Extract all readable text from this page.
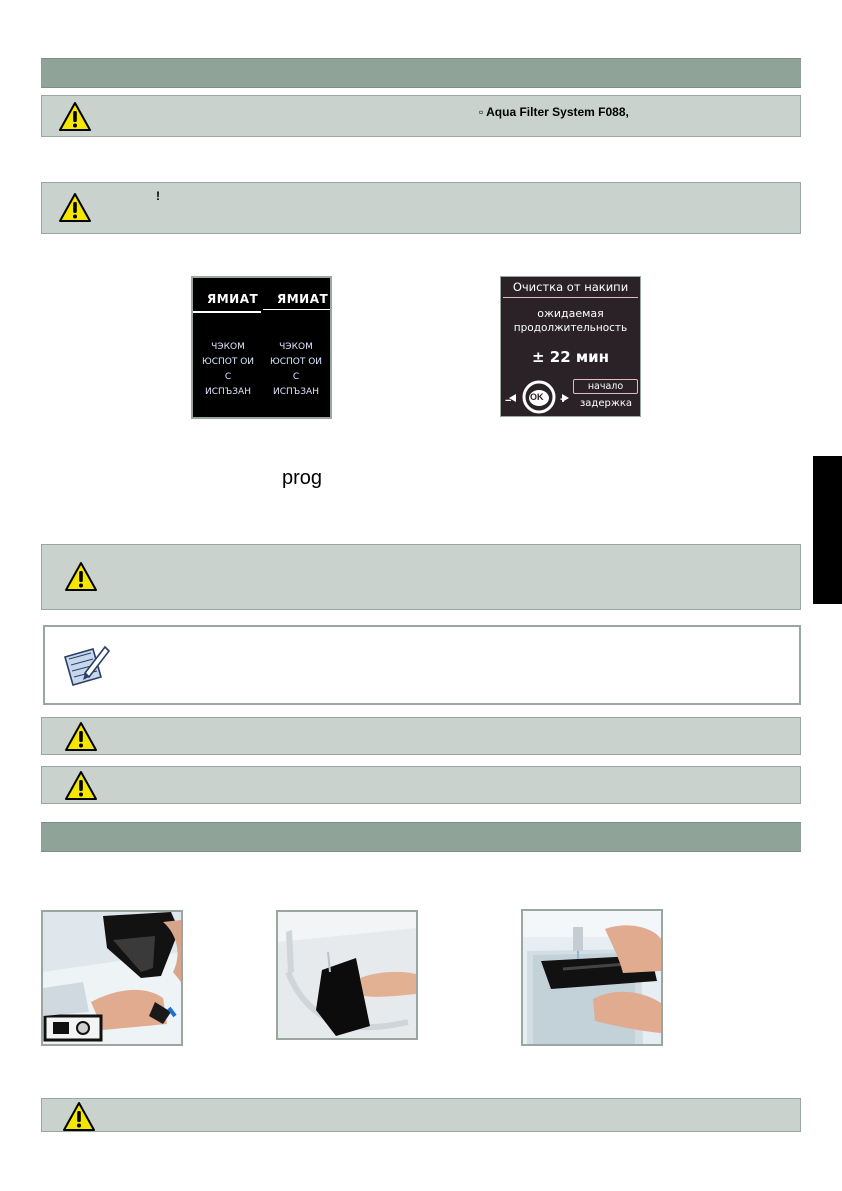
▫ Aqua Filter System F088,
!
ЯМИАТ ЯМИАТ
ЧЭКОМ
ЮСПОТ ОИ
С
ИСПЪЗАН
ЧЭКОМ
ЮСПОТ ОИ
С
ИСПЪЗАН
Очистка от накипи
ожидаемая
продолжительность
± 22 мин
OK
−	+
начало
задержка
prog
